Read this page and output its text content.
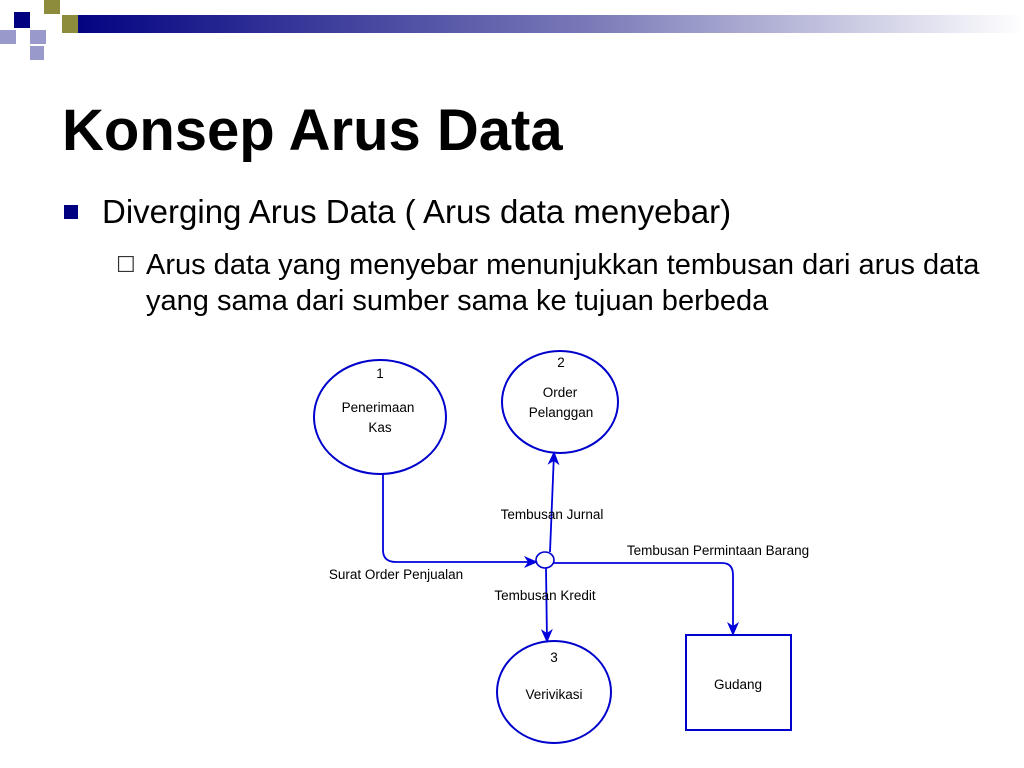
Konsep Arus Data
Diverging Arus Data ( Arus data menyebar)
☐ Arus data yang menyebar menunjukkan tembusan dari arus data yang sama dari sumber sama ke tujuan berbeda
1
Penerimaan
Kas
2
Order
Pelanggan
3
Verivikasi
Gudang
Surat Order Penjualan
Tembusan Jurnal
Tembusan Permintaan Barang
Tembusan Kredit
